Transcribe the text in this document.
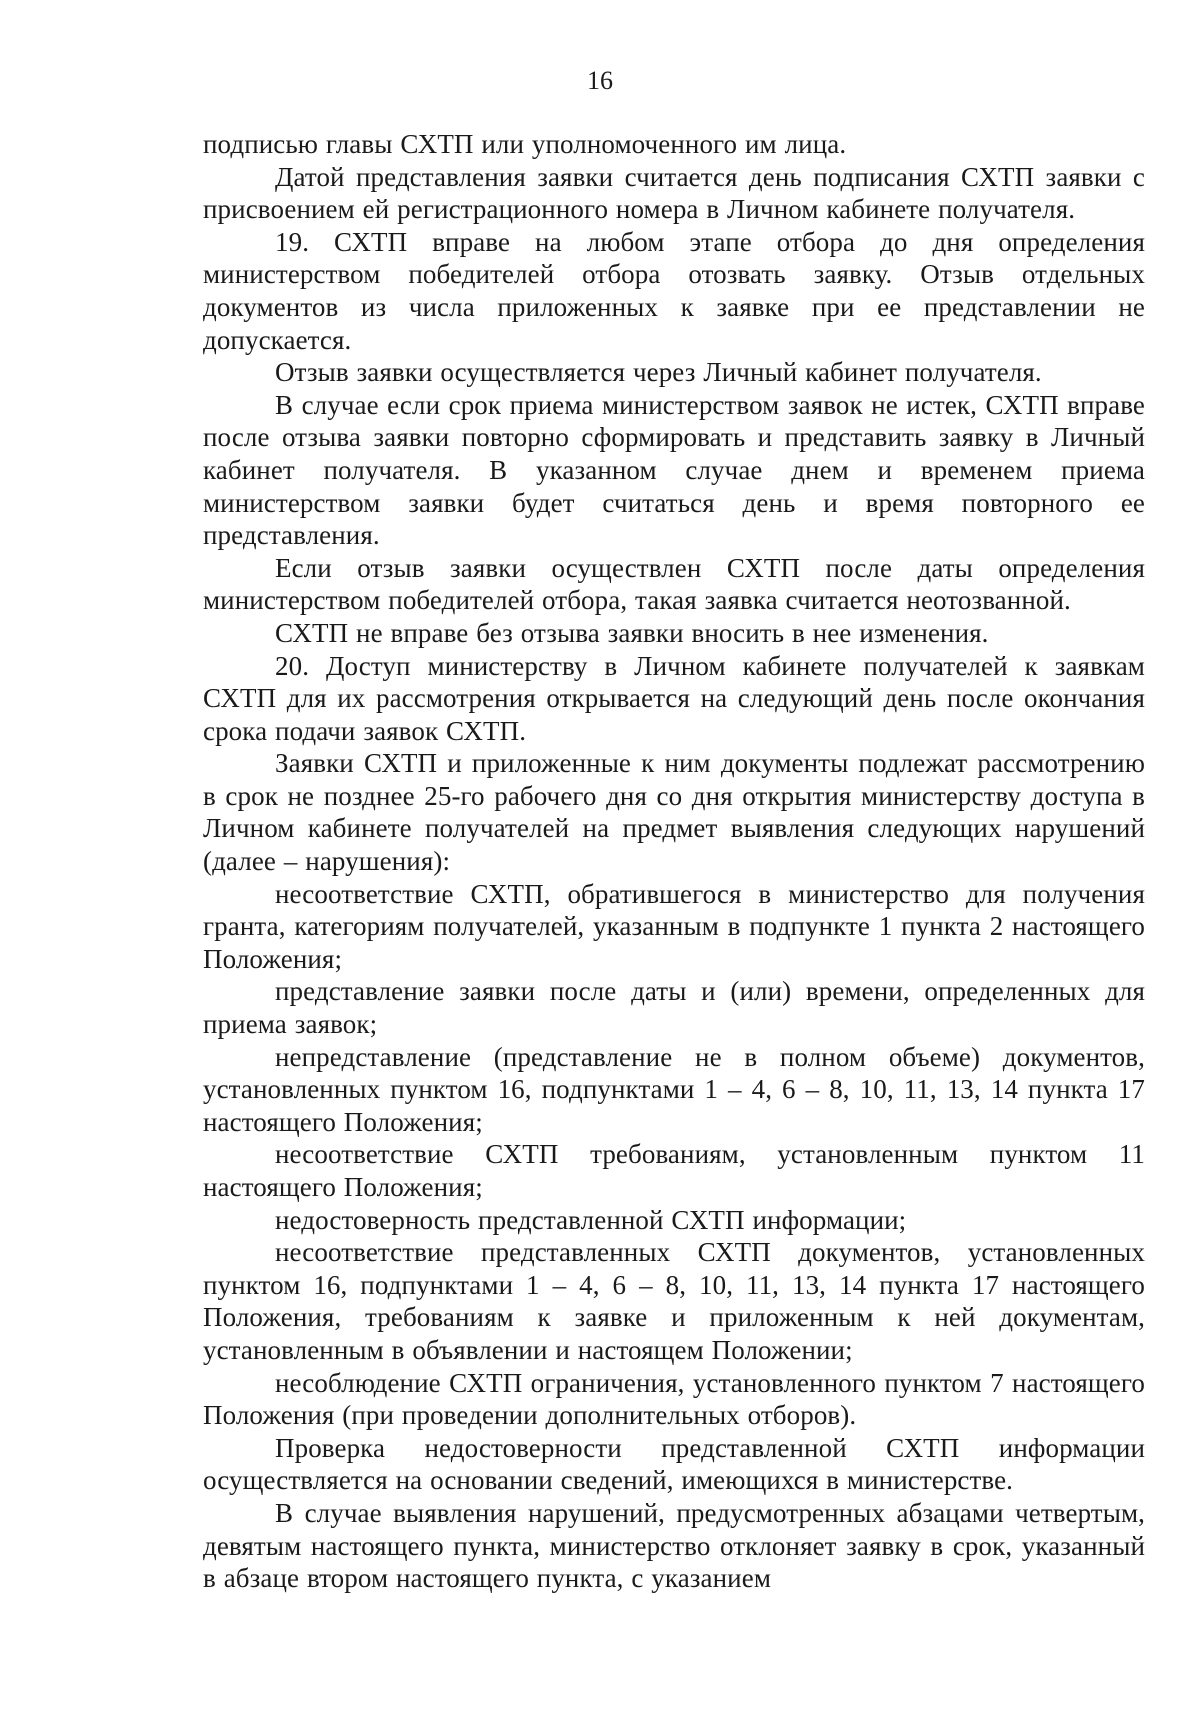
16

подписью главы СХТП или уполномоченного им лица.

Датой представления заявки считается день подписания СХТП заявки с присвоением ей регистрационного номера в Личном кабинете получателя.

19. СХТП вправе на любом этапе отбора до дня определения министерством победителей отбора отозвать заявку. Отзыв отдельных документов из числа приложенных к заявке при ее представлении не допускается.

Отзыв заявки осуществляется через Личный кабинет получателя.

В случае если срок приема министерством заявок не истек, СХТП вправе после отзыва заявки повторно сформировать и представить заявку в Личный кабинет получателя. В указанном случае днем и временем приема министерством заявки будет считаться день и время повторного ее представления.

Если отзыв заявки осуществлен СХТП после даты определения министерством победителей отбора, такая заявка считается неотозванной.

СХТП не вправе без отзыва заявки вносить в нее изменения.

20. Доступ министерству в Личном кабинете получателей к заявкам СХТП для их рассмотрения открывается на следующий день после окончания срока подачи заявок СХТП.

Заявки СХТП и приложенные к ним документы подлежат рассмотрению в срок не позднее 25-го рабочего дня со дня открытия министерству доступа в Личном кабинете получателей на предмет выявления следующих нарушений (далее – нарушения):

несоответствие СХТП, обратившегося в министерство для получения гранта, категориям получателей, указанным в подпункте 1 пункта 2 настоящего Положения;

представление заявки после даты и (или) времени, определенных для приема заявок;

непредставление (представление не в полном объеме) документов, установленных пунктом 16, подпунктами 1 – 4, 6 – 8, 10, 11, 13, 14 пункта 17 настоящего Положения;

несоответствие СХТП требованиям, установленным пунктом 11 настоящего Положения;

недостоверность представленной СХТП информации;

несоответствие представленных СХТП документов, установленных пунктом 16, подпунктами 1 – 4, 6 – 8, 10, 11, 13, 14 пункта 17 настоящего Положения, требованиям к заявке и приложенным к ней документам, установленным в объявлении и настоящем Положении;

несоблюдение СХТП ограничения, установленного пунктом 7 настоящего Положения (при проведении дополнительных отборов).

Проверка недостоверности представленной СХТП информации осуществляется на основании сведений, имеющихся в министерстве.

В случае выявления нарушений, предусмотренных абзацами четвертым, девятым настоящего пункта, министерство отклоняет заявку в срок, указанный в абзаце втором настоящего пункта, с указанием
